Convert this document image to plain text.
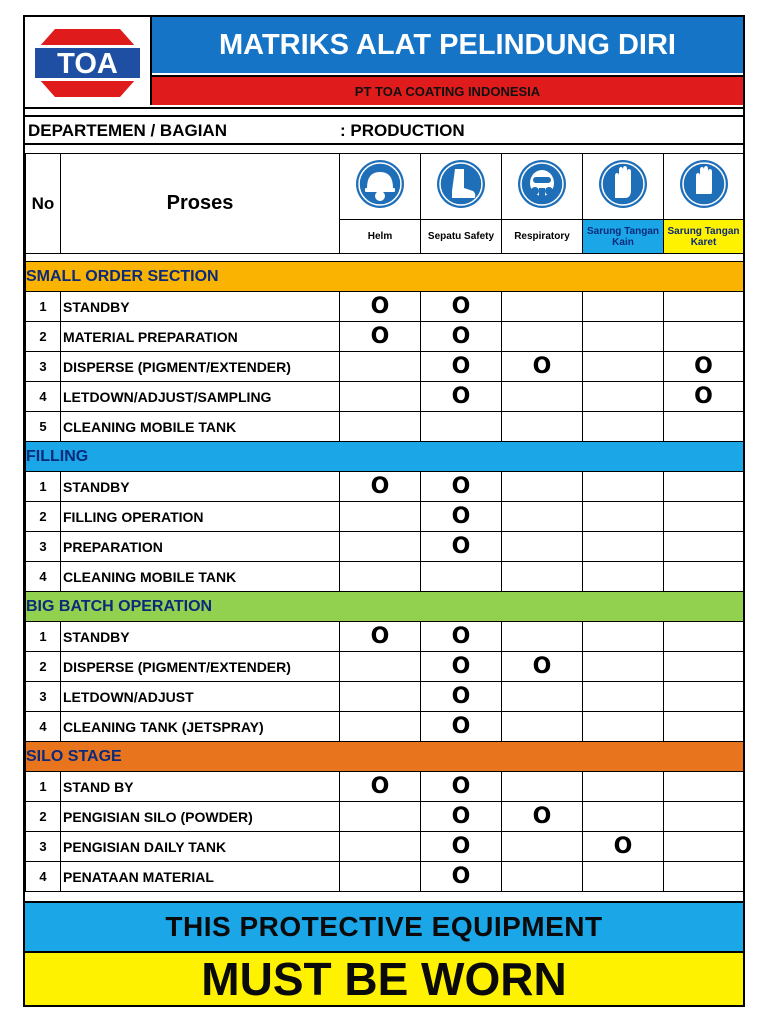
TOA
MATRIKS ALAT PELINDUNG DIRI
PT TOA COATING INDONESIA
DEPARTEMEN / BAGIAN	: PRODUCTION
No	Proses					
		Helm	Sepatu Safety	Respiratory	Sarung Tangan Kain	Sarung Tangan Karet

SMALL ORDER SECTION						
1	STANDBY	O	O			
2	MATERIAL PREPARATION	O	O			
3	DISPERSE (PIGMENT/EXTENDER)		O	O		O
4	LETDOWN/ADJUST/SAMPLING		O			O
5	CLEANING MOBILE TANK					
FILLING						
1	STANDBY	O	O			
2	FILLING OPERATION		O			
3	PREPARATION		O			
4	CLEANING MOBILE TANK					
BIG BATCH OPERATION						
1	STANDBY	O	O			
2	DISPERSE (PIGMENT/EXTENDER)		O	O		
3	LETDOWN/ADJUST		O			
4	CLEANING TANK (JETSPRAY)		O			
SILO STAGE						
1	STAND BY	O	O			
2	PENGISIAN SILO (POWDER)		O	O		
3	PENGISIAN DAILY TANK		O		O	
4	PENATAAN MATERIAL		O			
THIS PROTECTIVE EQUIPMENT
MUST BE WORN
